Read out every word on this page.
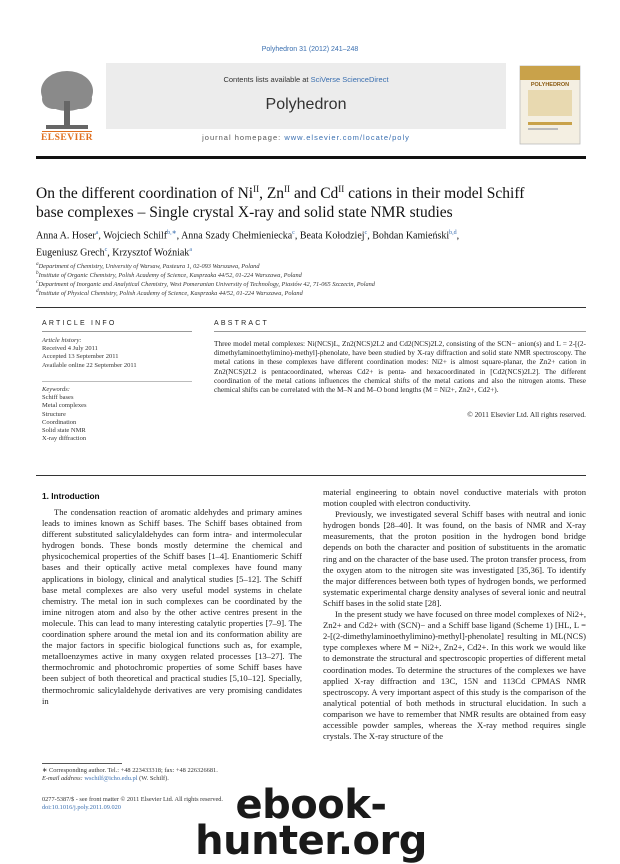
Polyhedron 31 (2012) 241–248
ELSEVIER
Contents lists available at SciVerse ScienceDirect
Polyhedron
journal homepage: www.elsevier.com/locate/poly
POLYHEDRON
On the different coordination of $Ni^{II}$, $Zn^{II}$ and $Cd^{II}$ cations in their model Schiff
base complexes – Single crystal X-ray and solid state NMR studies
Anna A. Hoser$^a$, Wojciech Schilf$^{b,∗}$, Anna Szady Chełmieniecka$^c$, Beata Kołodziej$^c$, Bohdan Kamieński$^{b,d}$,
Eugeniusz Grech$^c$, Krzysztof Woźniak$^a$
$^a$Department of Chemistry, University of Warsaw, Pasteura 1, 02-093 Warszawa, Poland
$^b$Institute of Organic Chemistry, Polish Academy of Science, Kasprzaka 44/52, 01-224 Warszawa, Poland
$^c$Department of Inorganic and Analytical Chemistry, West Pomeranian University of Technology, Piastów 42, 71-065 Szczecin, Poland
$^d$Institute of Physical Chemistry, Polish Academy of Science, Kasprzaka 44/52, 01-224 Warszawa, Poland
ARTICLE INFO
Article history:
Received 4 July 2011
Accepted 13 September 2011
Available online 22 September 2011
Keywords:
Schiff bases
Metal complexes
Structure
Coordination
Solid state NMR
X-ray diffraction
ABSTRACT
Three model metal complexes: Ni(NCS)L, Zn2(NCS)2L2 and Cd2(NCS)2L2, consisting of the SCN− anion(s) and L = 2-[(2-dimethylaminoethylimino)-methyl]-phenolate, have been studied by X-ray diffraction and solid state NMR spectroscopy. The metal cations in these complexes have different coordination modes: Ni2+ is almost square-planar, the Zn2+ cation in Zn2(NCS)2L2 is pentacoordinated, whereas Cd2+ is penta- and hexacoordinated in [Cd2(NCS)2L2]. The different coordination of the metal cations influences the chemical shifts of the metal cations and also the nitrogen atoms. These chemical shifts can be correlated with the M–N and M–O bond lengths (M = Ni2+, Zn2+, Cd2+).
© 2011 Elsevier Ltd. All rights reserved.
1. Introduction

The condensation reaction of aromatic aldehydes and primary amines leads to imines known as Schiff bases. The Schiff bases obtained from different substituted salicylaldehydes can form intra- and intermolecular hydrogen bonds. These bonds mostly determine the chemical and physicochemical properties of the Schiff bases [1–4]. Enantiomeric Schiff bases and their optically active metal complexes have found many applications in biology, clinical and analytical studies [5–12]. The Schiff base metal complexes are also very useful model systems in chelate chemistry. The metal ion in such complexes can be coordinated by the imine nitrogen atom and also by the other active centres present in the molecule. This can lead to many interesting catalytic properties [7–9]. The coordination sphere around the metal ion and its conformation ability are the major factors in specific biological functions such as, for example, metalloenzymes active in many oxygen related processes [13–27]. The thermochromic and photochromic properties of some Schiff bases have been subject of both theoretical and practical studies [5,10–12]. Specially, thermochromic salicylaldehyde derivatives are very promising candidates in

material engineering to obtain novel conductive materials with proton motion coupled with electron conductivity.

Previously, we investigated several Schiff bases with neutral and ionic hydrogen bonds [28–40]. It was found, on the basis of NMR and X-ray measurements, that the proton position in the hydrogen bond bridge depends on both the character and position of substituents in the aromatic ring and on the character of the base used. The proton transfer process, from the oxygen atom to the nitrogen site was investigated [35,36]. To identify the major differences between both types of hydrogen bonds, we performed systematic experimental charge density analyses of several ionic and neutral Schiff bases in the solid state [28].

In the present study we have focused on three model complexes of Ni2+, Zn2+ and Cd2+ with (SCN)− and a Schiff base ligand (Scheme 1) [HL, L = 2-[(2-dimethylaminoethylimino)-methyl]-phenolate] resulting in ML(NCS) type complexes where M = Ni2+, Zn2+, Cd2+. In this work we would like to demonstrate the structural and spectroscopic properties of different metal coordination modes. To determine the structures of the complexes we have applied X-ray diffraction and 13C, 15N and 113Cd CPMAS NMR spectroscopy. A very important aspect of this study is the comparison of the analytical potential of both methods in structural elucidation. In such a comparison we have to remember that NMR results are obtained from easy accessible powder samples, whereas the X-ray method requires single crystals. The X-ray structure of the

∗ Corresponding author. Tel.: +48 223433318; fax: +48 226326681.
E-mail address: wschilf@icho.edu.pl (W. Schilf).
0277-5387/$ - see front matter © 2011 Elsevier Ltd. All rights reserved.
doi:10.1016/j.poly.2011.09.020	ebook-hunter.org
